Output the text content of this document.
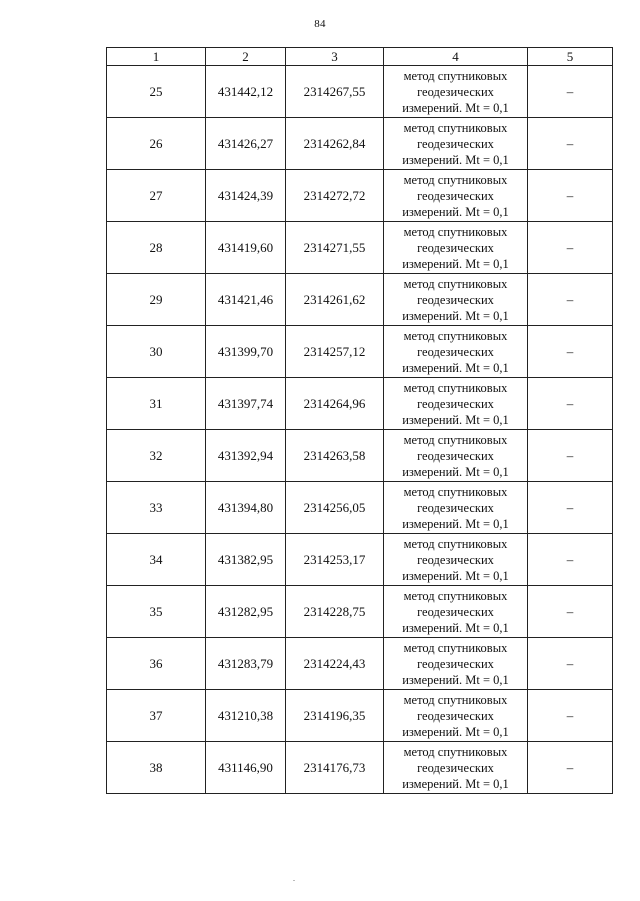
84
1	2	3	4	5
25	431442,12	2314267,55	метод спутниковых
геодезических
измерений. Mt = 0,1	–
26	431426,27	2314262,84	метод спутниковых
геодезических
измерений. Mt = 0,1	–
27	431424,39	2314272,72	метод спутниковых
геодезических
измерений. Mt = 0,1	–
28	431419,60	2314271,55	метод спутниковых
геодезических
измерений. Mt = 0,1	–
29	431421,46	2314261,62	метод спутниковых
геодезических
измерений. Mt = 0,1	–
30	431399,70	2314257,12	метод спутниковых
геодезических
измерений. Mt = 0,1	–
31	431397,74	2314264,96	метод спутниковых
геодезических
измерений. Mt = 0,1	–
32	431392,94	2314263,58	метод спутниковых
геодезических
измерений. Mt = 0,1	–
33	431394,80	2314256,05	метод спутниковых
геодезических
измерений. Mt = 0,1	–
34	431382,95	2314253,17	метод спутниковых
геодезических
измерений. Mt = 0,1	–
35	431282,95	2314228,75	метод спутниковых
геодезических
измерений. Mt = 0,1	–
36	431283,79	2314224,43	метод спутниковых
геодезических
измерений. Mt = 0,1	–
37	431210,38	2314196,35	метод спутниковых
геодезических
измерений. Mt = 0,1	–
38	431146,90	2314176,73	метод спутниковых
геодезических
измерений. Mt = 0,1	–
